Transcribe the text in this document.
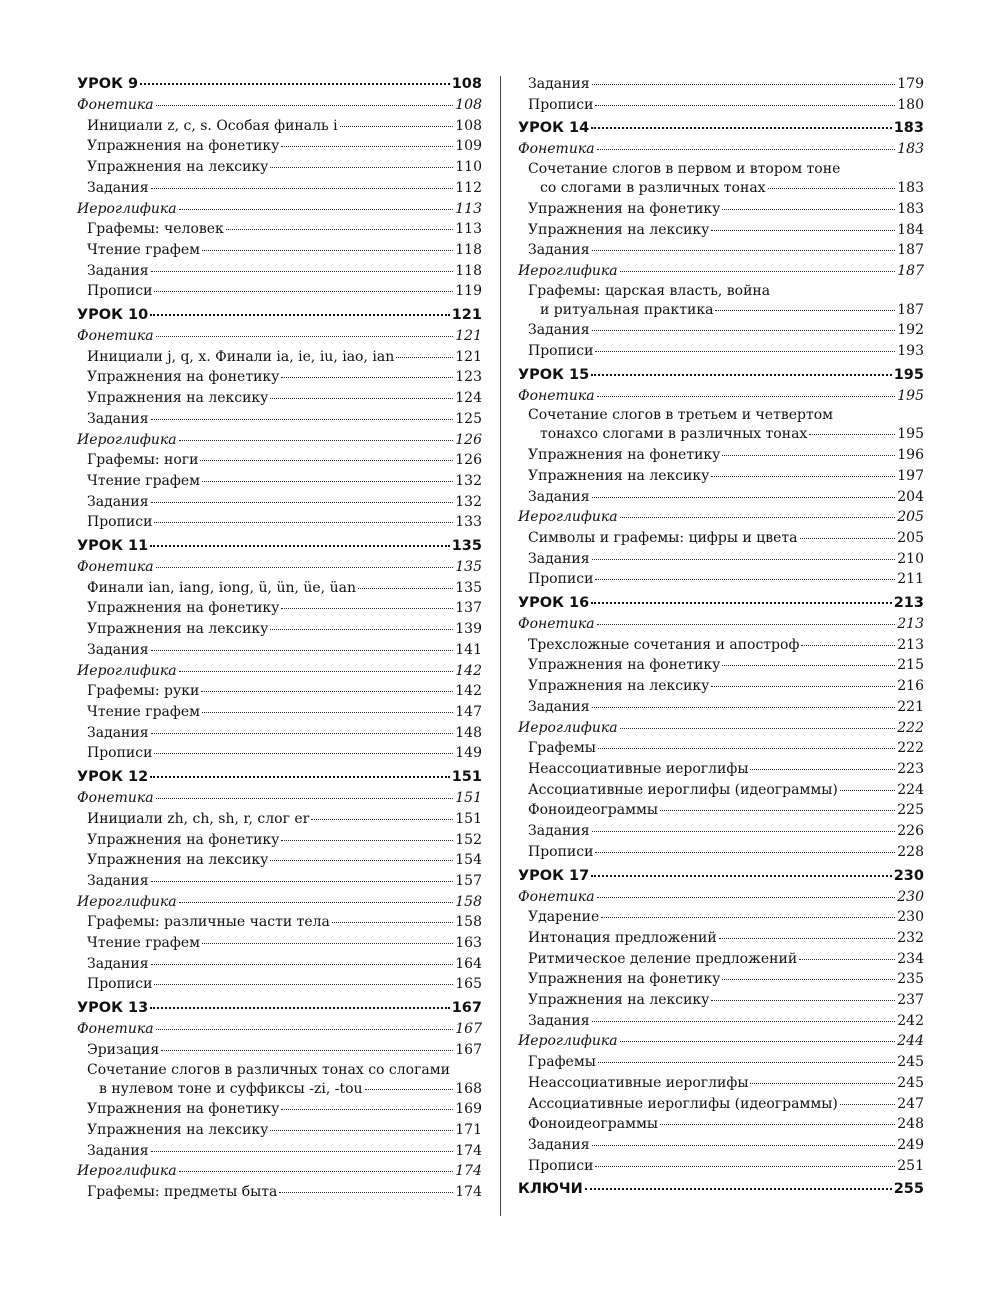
УРОК 9	108
Фонетика	108
Инициали z, c, s. Особая финаль i	108
Упражнения на фонетику	109
Упражнения на лексику	110
Задания	112
Иероглифика	113
Графемы: человек	113
Чтение графем	118
Задания	118
Прописи	119
УРОК 10	121
Фонетика	121
Инициали j, q, x. Финали ia, ie, iu, iao, ian	121
Упражнения на фонетику	123
Упражнения на лексику	124
Задания	125
Иероглифика	126
Графемы: ноги	126
Чтение графем	132
Задания	132
Прописи	133
УРОК 11	135
Фонетика	135
Финали ian, iang, iong, ü, ün, üe, üan	135
Упражнения на фонетику	137
Упражнения на лексику	139
Задания	141
Иероглифика	142
Графемы: руки	142
Чтение графем	147
Задания	148
Прописи	149
УРОК 12	151
Фонетика	151
Инициали zh, ch, sh, r, слог er	151
Упражнения на фонетику	152
Упражнения на лексику	154
Задания	157
Иероглифика	158
Графемы: различные части тела	158
Чтение графем	163
Задания	164
Прописи	165
УРОК 13	167
Фонетика	167
Эризация	167
Сочетание слогов в различных тонах со слогами
в нулевом тоне и суффиксы -zi, -tou	168
Упражнения на фонетику	169
Упражнения на лексику	171
Задания	174
Иероглифика	174
Графемы: предметы быта	174
Задания	179
Прописи	180
УРОК 14	183
Фонетика	183
Сочетание слогов в первом и втором тоне
со слогами в различных тонах	183
Упражнения на фонетику	183
Упражнения на лексику	184
Задания	187
Иероглифика	187
Графемы: царская власть, война
и ритуальная практика	187
Задания	192
Прописи	193
УРОК 15	195
Фонетика	195
Сочетание слогов в третьем и четвертом
тонахсо слогами в различных тонах	195
Упражнения на фонетику	196
Упражнения на лексику	197
Задания	204
Иероглифика	205
Символы и графемы: цифры и цвета	205
Задания	210
Прописи	211
УРОК 16	213
Фонетика	213
Трехсложные сочетания и апостроф	213
Упражнения на фонетику	215
Упражнения на лексику	216
Задания	221
Иероглифика	222
Графемы	222
Неассоциативные иероглифы	223
Ассоциативные иероглифы (идеограммы)	224
Фоноидеограммы	225
Задания	226
Прописи	228
УРОК 17	230
Фонетика	230
Ударение	230
Интонация предложений	232
Ритмическое деление предложений	234
Упражнения на фонетику	235
Упражнения на лексику	237
Задания	242
Иероглифика	244
Графемы	245
Неассоциативные иероглифы	245
Ассоциативные иероглифы (идеограммы)	247
Фоноидеограммы	248
Задания	249
Прописи	251
КЛЮЧИ	255
